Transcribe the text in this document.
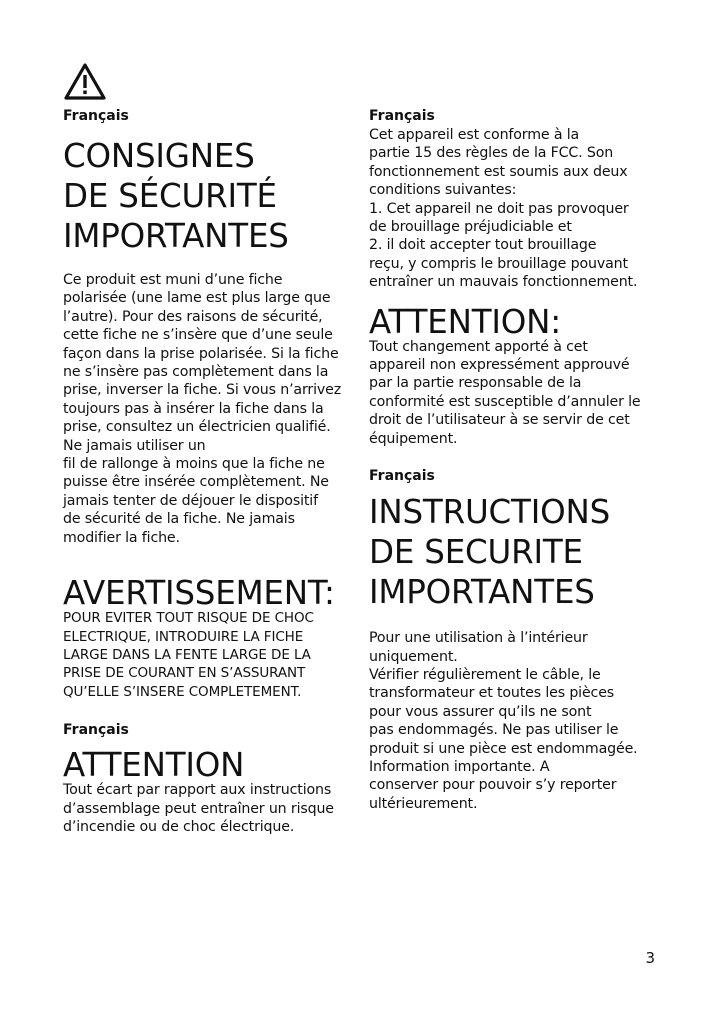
Français

CONSIGNES
DE SÉCURITÉ
IMPORTANTES

Ce produit est muni d’une fiche
polarisée (une lame est plus large que
l’autre). Pour des raisons de sécurité,
cette fiche ne s’insère que d’une seule
façon dans la prise polarisée. Si la fiche
ne s’insère pas complètement dans la
prise, inverser la fiche. Si vous n’arrivez
toujours pas à insérer la fiche dans la
prise, consultez un électricien qualifié.
Ne jamais utiliser un
fil de rallonge à moins que la fiche ne
puisse être insérée complètement. Ne
jamais tenter de déjouer le dispositif
de sécurité de la fiche. Ne jamais
modifier la fiche.

AVERTISSEMENT:

POUR EVITER TOUT RISQUE DE CHOC
ELECTRIQUE, INTRODUIRE LA FICHE
LARGE DANS LA FENTE LARGE DE LA
PRISE DE COURANT EN S’ASSURANT
QU’ELLE S’INSERE COMPLETEMENT.

Français

ATTENTION

Tout écart par rapport aux instructions
d’assemblage peut entraîner un risque
d’incendie ou de choc électrique.

Français

Cet appareil est conforme à la
partie 15 des règles de la FCC. Son
fonctionnement est soumis aux deux
conditions suivantes:
1. Cet appareil ne doit pas provoquer
de brouillage préjudiciable et
2. il doit accepter tout brouillage
reçu, y compris le brouillage pouvant
entraîner un mauvais fonctionnement.

ATTENTION:

Tout changement apporté à cet
appareil non expressément approuvé
par la partie responsable de la
conformité est susceptible d’annuler le
droit de l’utilisateur à se servir de cet
équipement.

Français

INSTRUCTIONS
DE SECURITE
IMPORTANTES

Pour une utilisation à l’intérieur
uniquement.
Vérifier régulièrement le câble, le
transformateur et toutes les pièces
pour vous assurer qu’ils ne sont
pas endommagés. Ne pas utiliser le
produit si une pièce est endommagée.
Information importante. A
conserver pour pouvoir s’y reporter
ultérieurement.

3
